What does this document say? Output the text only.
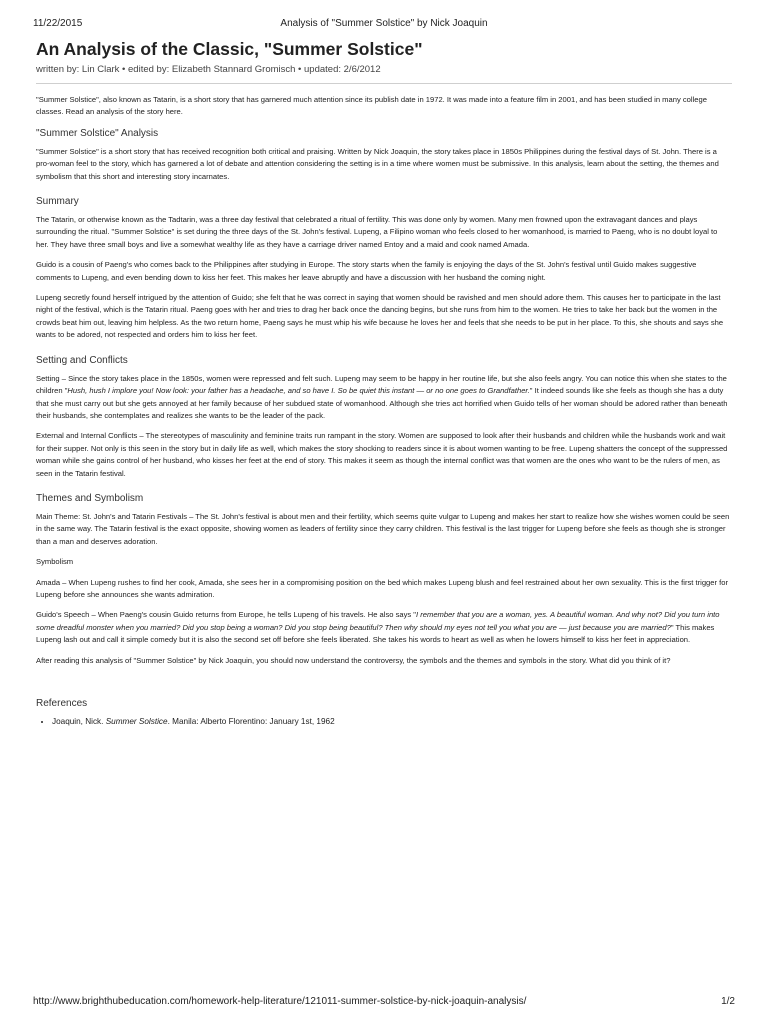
11/22/2015	Analysis of "Summer Solstice" by Nick Joaquin
An Analysis of the Classic, "Summer Solstice"
written by: Lin Clark • edited by: Elizabeth Stannard Gromisch • updated: 2/6/2012

"Summer Solstice", also known as Tatarin, is a short story that has garnered much attention since its publish date in 1972. It was made into a feature film in 2001, and has been studied in many college classes. Read an analysis of the story here.

"Summer Solstice" Analysis

"Summer Solstice" is a short story that has received recognition both critical and praising. Written by Nick Joaquin, the story takes place in 1850s Philippines during the festival days of St. John. There is a pro-woman feel to the story, which has garnered a lot of debate and attention considering the setting is in a time where women must be submissive. In this analysis, learn about the setting, the themes and symbolism that this short and interesting story incarnates.

Summary

The Tatarin, or otherwise known as the Tadtarin, was a three day festival that celebrated a ritual of fertility. This was done only by women. Many men frowned upon the extravagant dances and plays surrounding the ritual. "Summer Solstice" is set during the three days of the St. John's festival. Lupeng, a Filipino woman who feels closed to her womanhood, is married to Paeng, who is no doubt loyal to her. They have three small boys and live a somewhat wealthy life as they have a carriage driver named Entoy and a maid and cook named Amada.

Guido is a cousin of Paeng's who comes back to the Philippines after studying in Europe. The story starts when the family is enjoying the days of the St. John's festival until Guido makes suggestive comments to Lupeng, and even bending down to kiss her feet. This makes her leave abruptly and have a discussion with her husband the coming night.

Lupeng secretly found herself intrigued by the attention of Guido; she felt that he was correct in saying that women should be ravished and men should adore them. This causes her to participate in the last night of the festival, which is the Tatarin ritual. Paeng goes with her and tries to drag her back once the dancing begins, but she runs from him to the women. He tries to take her back but the women in the crowds beat him out, leaving him helpless. As the two return home, Paeng says he must whip his wife because he loves her and feels that she needs to be put in her place. To this, she shouts and says she wants to be adored, not respected and orders him to kiss her feet.

Setting and Conflicts

Setting – Since the story takes place in the 1850s, women were repressed and felt such. Lupeng may seem to be happy in her routine life, but she also feels angry. You can notice this when she states to the children "Hush, hush I implore you! Now look: your father has a headache, and so have I. So be quiet this instant — or no one goes to Grandfather." It indeed sounds like she feels as though she has a duty that she must carry out but she gets annoyed at her family because of her subdued state of womanhood. Although she tries act horrified when Guido tells of her woman should be adored rather than beneath their husbands, she contemplates and realizes she wants to be the leader of the pack.

External and Internal Conflicts – The stereotypes of masculinity and feminine traits run rampant in the story. Women are supposed to look after their husbands and children while the husbands work and wait for their supper. Not only is this seen in the story but in daily life as well, which makes the story shocking to readers since it is about women wanting to be free. Lupeng shatters the concept of the suppressed woman while she gains control of her husband, who kisses her feet at the end of story. This makes it seem as though the internal conflict was that women are the ones who want to be the rulers of men, as seen in the Tatarin festival.

Themes and Symbolism

Main Theme: St. John's and Tatarin Festivals – The St. John's festival is about men and their fertility, which seems quite vulgar to Lupeng and makes her start to realize how she wishes women could be seen in the same way. The Tatarin festival is the exact opposite, showing women as leaders of fertility since they carry children. This festival is the last trigger for Lupeng before she feels as though she is stronger than a man and deserves adoration.

Symbolism

Amada – When Lupeng rushes to find her cook, Amada, she sees her in a compromising position on the bed which makes Lupeng blush and feel restrained about her own sexuality. This is the first trigger for Lupeng before she announces she wants admiration.

Guido's Speech – When Paeng's cousin Guido returns from Europe, he tells Lupeng of his travels. He also says "I remember that you are a woman, yes. A beautiful woman. And why not? Did you turn into some dreadful monster when you married? Did you stop being a woman? Did you stop being beautiful? Then why should my eyes not tell you what you are — just because you are married?" This makes Lupeng lash out and call it simple comedy but it is also the second set off before she feels liberated. She takes his words to heart as well as when he lowers himself to kiss her feet in appreciation.

After reading this analysis of "Summer Solstice" by Nick Joaquin, you should now understand the controversy, the symbols and the themes and symbols in the story. What did you think of it?

References
• Joaquin, Nick. Summer Solstice. Manila: Alberto Florentino: January 1st, 1962
http://www.brighthubeducation.com/homework-help-literature/121011-summer-solstice-by-nick-joaquin-analysis/	1/2
